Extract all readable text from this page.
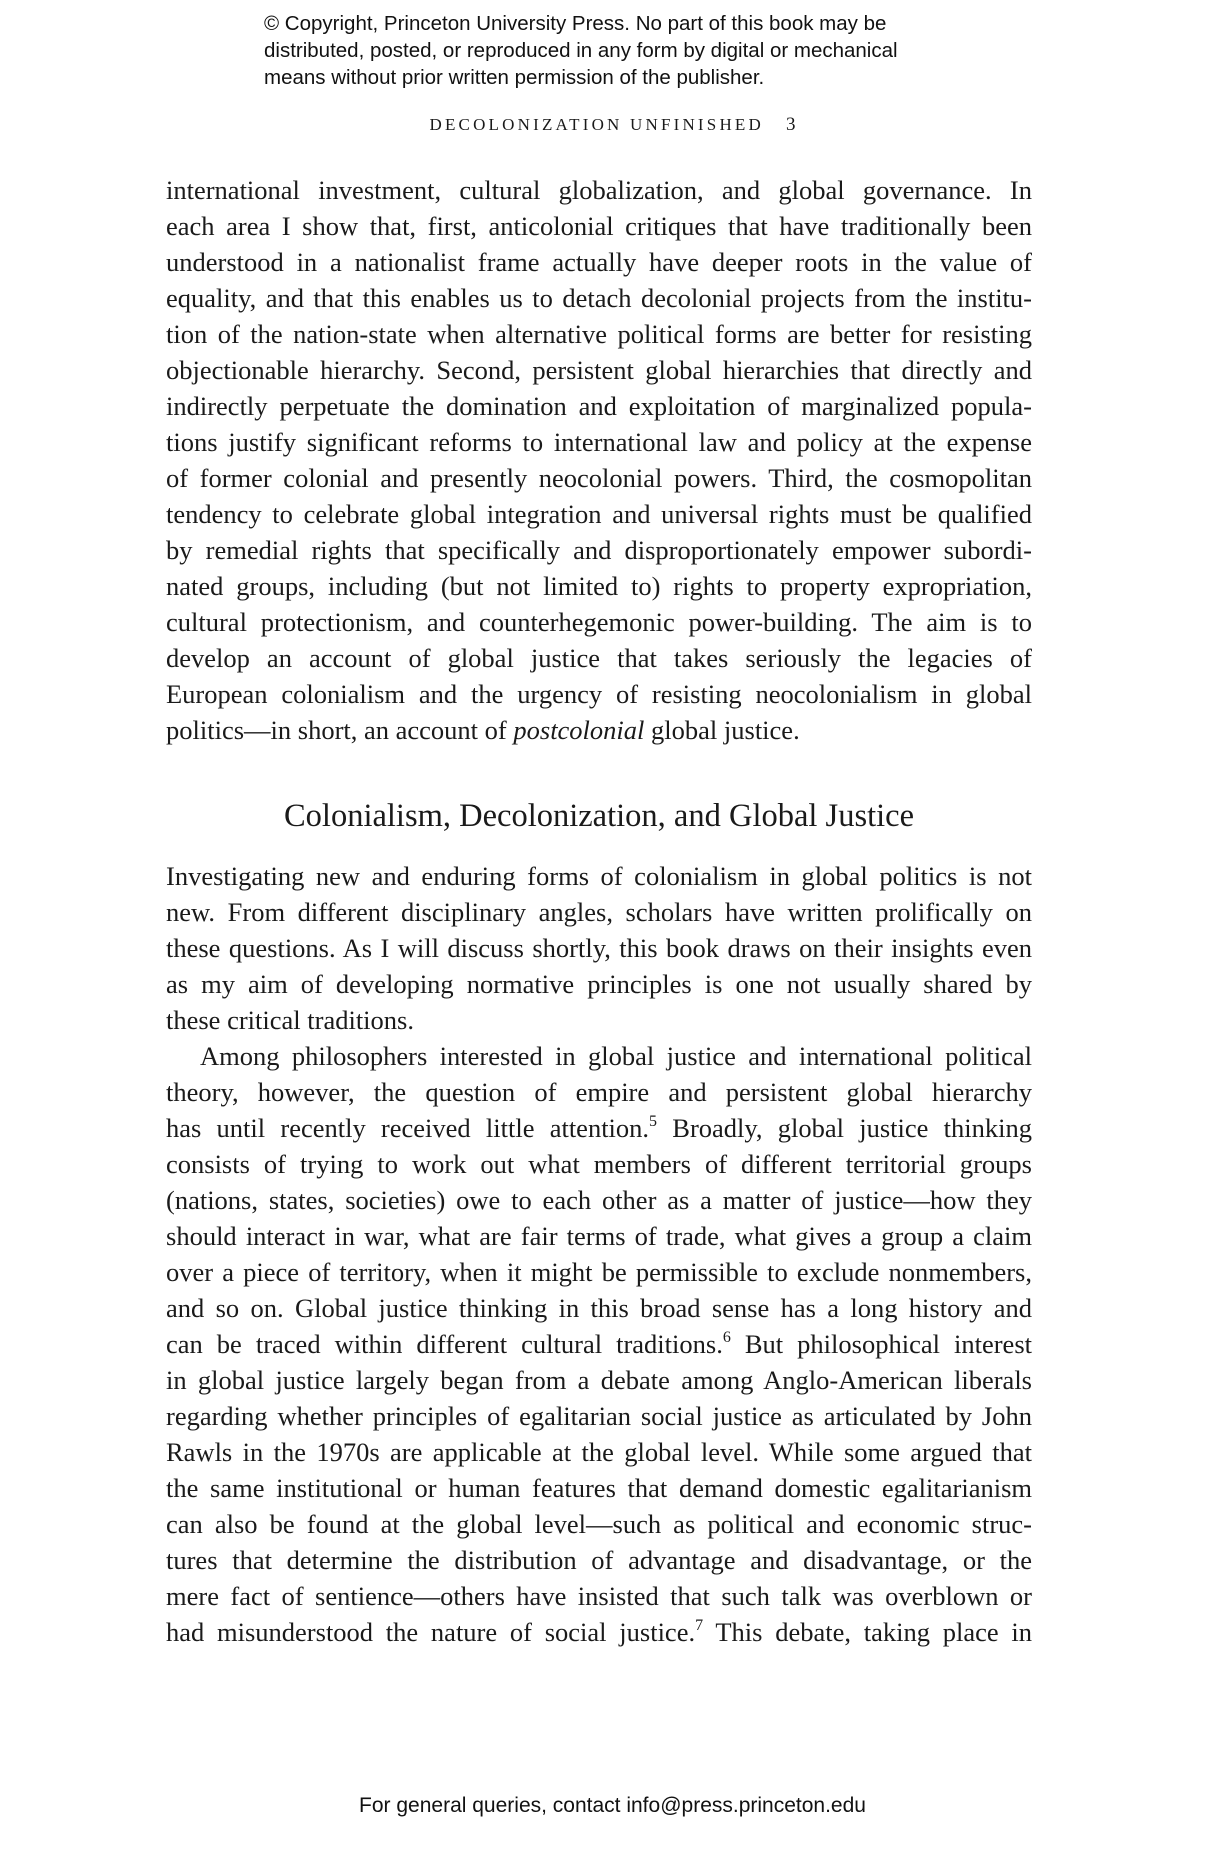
© Copyright, Princeton University Press. No part of this book may be
distributed, posted, or reproduced in any form by digital or mechanical
means without prior written permission of the publisher.
DECOLONIZATION UNFINISHED 3
international investment, cultural globalization, and global governance. In
each area I show that, first, anticolonial critiques that have traditionally been
understood in a nationalist frame actually have deeper roots in the value of
equality, and that this enables us to detach decolonial projects from the institu-
tion of the nation-state when alternative political forms are better for resisting
objectionable hierarchy. Second, persistent global hierarchies that directly and
indirectly perpetuate the domination and exploitation of marginalized popula-
tions justify significant reforms to international law and policy at the expense
of former colonial and presently neocolonial powers. Third, the cosmopolitan
tendency to celebrate global integration and universal rights must be qualified
by remedial rights that specifically and disproportionately empower subordi-
nated groups, including (but not limited to) rights to property expropriation,
cultural protectionism, and counterhegemonic power-building. The aim is to
develop an account of global justice that takes seriously the legacies of
European colonialism and the urgency of resisting neocolonialism in global
politics—in short, an account of postcolonial global justice.
Colonialism, Decolonization, and Global Justice
Investigating new and enduring forms of colonialism in global politics is not
new. From different disciplinary angles, scholars have written prolifically on
these questions. As I will discuss shortly, this book draws on their insights even
as my aim of developing normative principles is one not usually shared by
these critical traditions.
Among philosophers interested in global justice and international political
theory, however, the question of empire and persistent global hierarchy
has until recently received little attention.$^5$ Broadly, global justice thinking
consists of trying to work out what members of different territorial groups
(nations, states, societies) owe to each other as a matter of justice—how they
should interact in war, what are fair terms of trade, what gives a group a claim
over a piece of territory, when it might be permissible to exclude nonmembers,
and so on. Global justice thinking in this broad sense has a long history and
can be traced within different cultural traditions.$^6$ But philosophical interest
in global justice largely began from a debate among Anglo-American liberals
regarding whether principles of egalitarian social justice as articulated by John
Rawls in the 1970s are applicable at the global level. While some argued that
the same institutional or human features that demand domestic egalitarianism
can also be found at the global level—such as political and economic struc-
tures that determine the distribution of advantage and disadvantage, or the
mere fact of sentience—others have insisted that such talk was overblown or
had misunderstood the nature of social justice.$^7$ This debate, taking place in
For general queries, contact info@press.princeton.edu
